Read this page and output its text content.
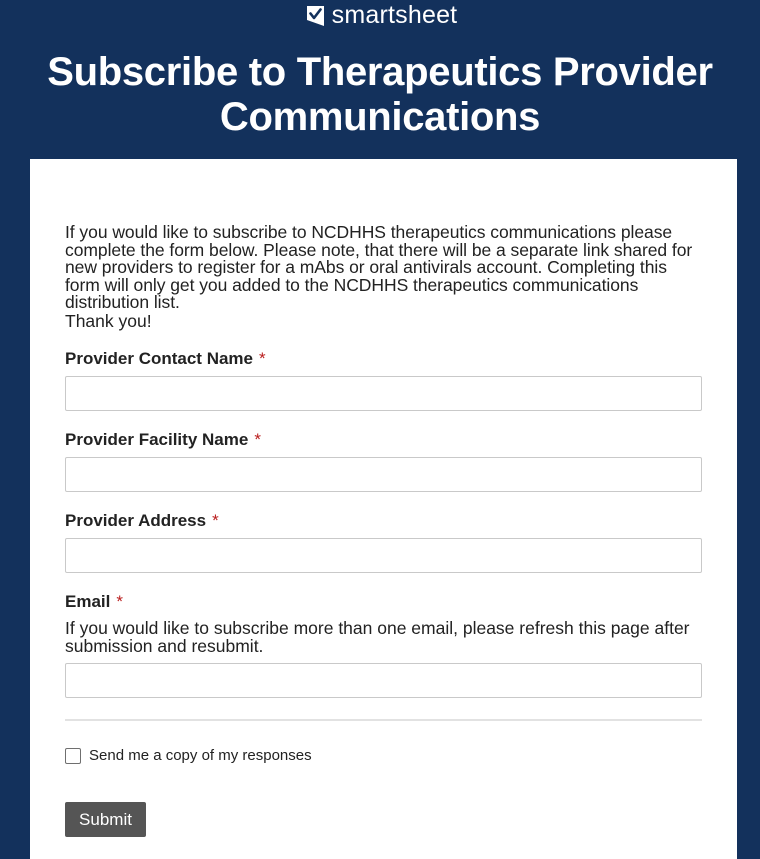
smartsheet
Subscribe to Therapeutics Provider Communications
If you would like to subscribe to NCDHHS therapeutics communications please complete the form below. Please note, that there will be a separate link shared for new providers to register for a mAbs or oral antivirals account. Completing this form will only get you added to the NCDHHS therapeutics communications distribution list.
Thank you!
Provider Contact Name *
Provider Facility Name *
Provider Address *
Email *
If you would like to subscribe more than one email, please refresh this page after submission and resubmit.
Send me a copy of my responses
Submit
